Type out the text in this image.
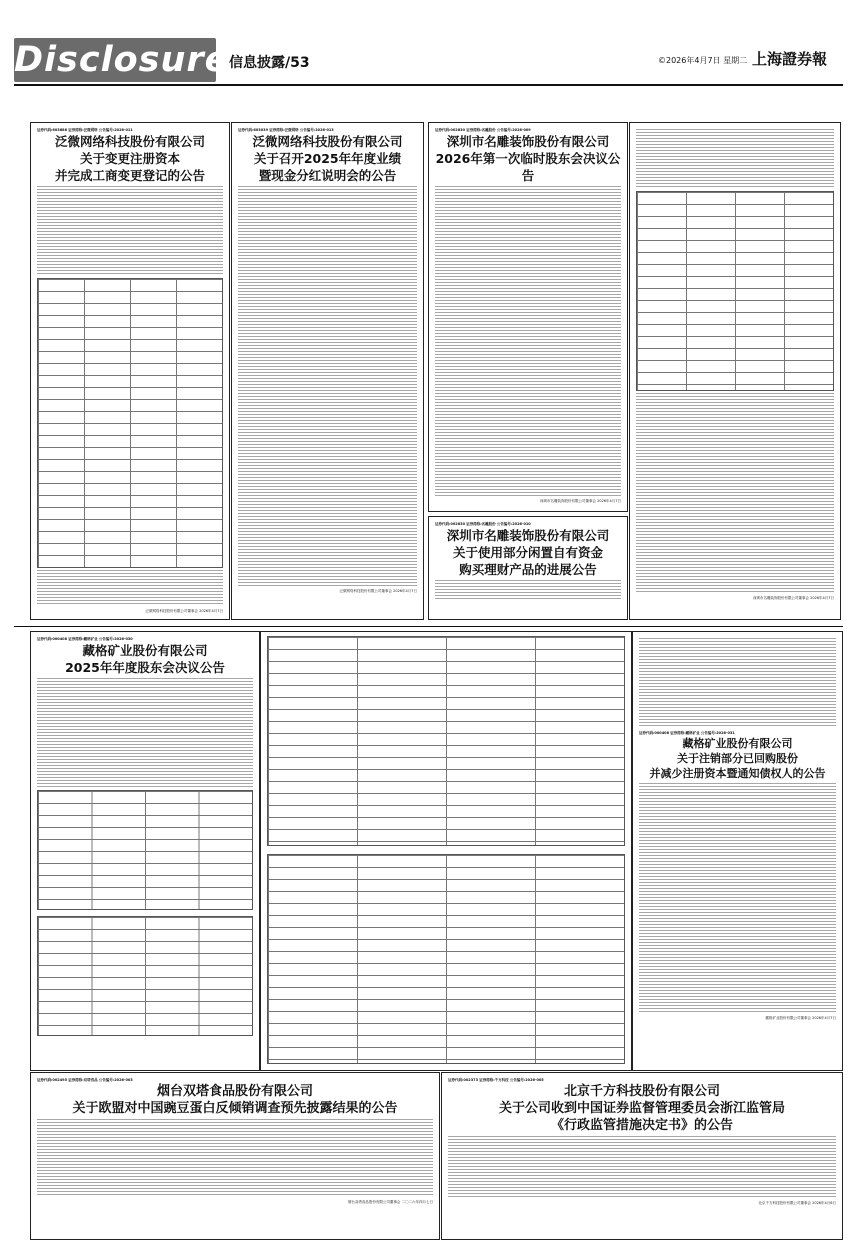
Disclosure 信息披露/53	©2026年4月7日 星期二 上海證券報
证券代码:603686 证券简称:泛微网络 公告编号:2026-011
泛微网络科技股份有限公司
关于变更注册资本
并完成工商变更登记的公告
泛微网络科技股份有限公司董事会 2026年4月7日
证券代码:603039 证券简称:泛微网络 公告编号:2026-013
泛微网络科技股份有限公司
关于召开2025年年度业绩
暨现金分红说明会的公告
泛微网络科技股份有限公司董事会 2026年4月7日
证券代码:002830 证券简称:名雕股份 公告编号:2026-009
深圳市名雕装饰股份有限公司
2026年第一次临时股东会决议公告
深圳市名雕装饰股份有限公司董事会 2026年4月7日
证券代码:002830 证券简称:名雕股份 公告编号:2026-010
深圳市名雕装饰股份有限公司
关于使用部分闲置自有资金
购买理财产品的进展公告
深圳市名雕装饰股份有限公司董事会 2026年4月7日
证券代码:000408 证券简称:藏格矿业 公告编号:2026-030
藏格矿业股份有限公司
2025年年度股东会决议公告
证券代码:000408 证券简称:藏格矿业 公告编号:2026-031
藏格矿业股份有限公司
关于注销部分已回购股份
并减少注册资本暨通知债权人的公告
藏格矿业股份有限公司董事会 2026年4月7日
证券代码:002495 证券简称:双塔食品 公告编号:2026-003
烟台双塔食品股份有限公司
关于欧盟对中国豌豆蛋白反倾销调查预先披露结果的公告
烟台双塔食品股份有限公司董事会 二〇二六年四月七日
证券代码:002373 证券简称:千方科技 公告编号:2026-005
北京千方科技股份有限公司
关于公司收到中国证券监督管理委员会浙江监管局
《行政监管措施决定书》的公告
北京千方科技股份有限公司董事会 2026年4月6日
